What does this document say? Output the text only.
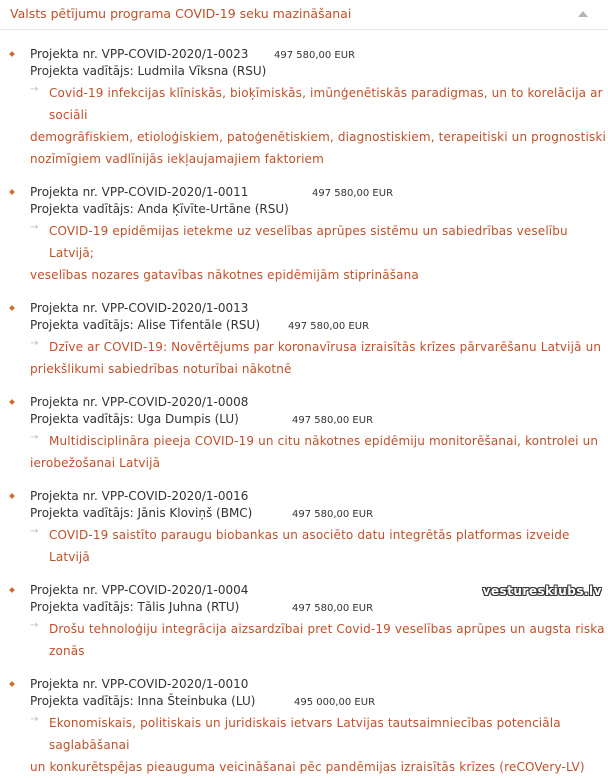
Valsts pētījumu programa COVID-19 seku mazināšanai
Projekta nr. VPP-COVID-2020/1-0023	497 580,00 EUR
Projekta vadītājs: Ludmila Vīksna (RSU)
→ Covid-19 infekcijas klīniskās, bioķīmiskās, imūnģenētiskās paradigmas, un to korelācija ar sociāli
demogrāfiskiem, etioloģiskiem, patoģenētiskiem, diagnostiskiem, terapeitiski un prognostiski
nozīmīgiem vadlīnijās iekļaujamajiem faktoriem
Projekta nr. VPP-COVID-2020/1-0011	497 580,00 EUR
Projekta vadītājs: Anda Ķīvīte-Urtāne (RSU)
→ COVID-19 epidēmijas ietekme uz veselības aprūpes sistēmu un sabiedrības veselību Latvijā;
veselības nozares gatavības nākotnes epidēmijām stiprināšana
Projekta nr. VPP-COVID-2020/1-0013
497 580,00 EUR
Projekta vadītājs: Alise Tifentāle (RSU)
→ Dzīve ar COVID-19: Novērtējums par koronavīrusa izraisītās krīzes pārvarēšanu Latvijā un
priekšlikumi sabiedrības noturībai nākotnē
Projekta nr. VPP-COVID-2020/1-0008
497 580,00 EUR
Projekta vadītājs: Uga Dumpis (LU)
→ Multidisciplināra pieeja COVID-19 un citu nākotnes epidēmiju monitorēšanai, kontrolei un
ierobežošanai Latvijā
Projekta nr. VPP-COVID-2020/1-0016
497 580,00 EUR
Projekta vadītājs: Jānis Kloviņš (BMC)
→ COVID-19 saistīto paraugu biobankas un asociēto datu integrētās platformas izveide Latvijā
Projekta nr. VPP-COVID-2020/1-0004
497 580,00 EUR
Projekta vadītājs: Tālis Juhna (RTU)
→ Drošu tehnoloģiju integrācija aizsardzībai pret Covid-19 veselības aprūpes un augsta riska zonās
Projekta nr. VPP-COVID-2020/1-0010
495 000,00 EUR
Projekta vadītājs: Inna Šteinbuka (LU)
→ Ekonomiskais, politiskais un juridiskais ietvars Latvijas tautsaimniecības potenciāla saglabāšanai
un konkurētspējas pieauguma veicināšanai pēc pandēmijas izraisītās krīzes (reCOVery-LV)
vestureskiubs.lv
